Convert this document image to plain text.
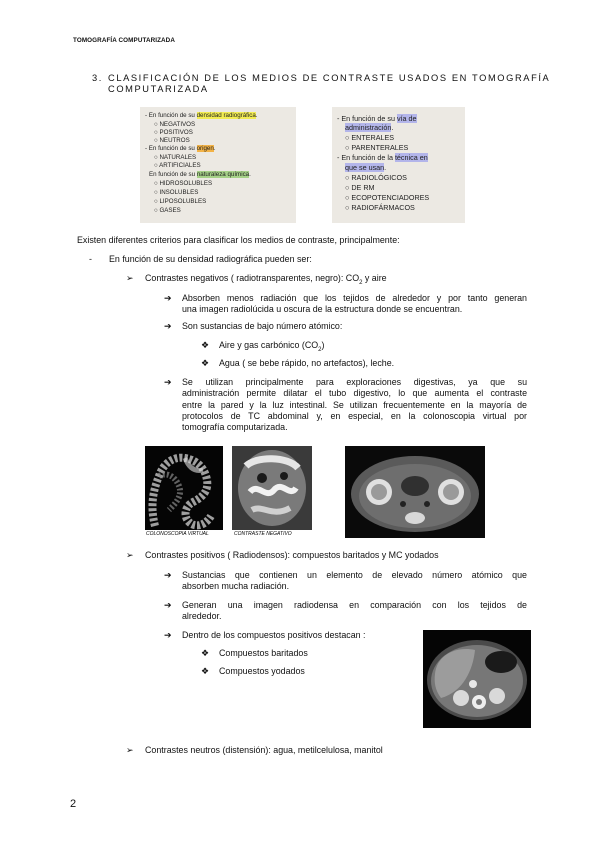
TOMOGRAFÍA COMPUTARIZADA
3. CLASIFICACIÓN DE LOS MEDIOS DE CONTRASTE USADOS EN TOMOGRAFÍA
COMPUTARIZADA
- En función de su densidad radiográfica.
○ NEGATIVOS
○ POSITIVOS
○ NEUTROS
- En función de su origen.
○ NATURALES
○ ARTIFICIALES
En función de su naturaleza química.
○ HIDROSOLUBLES
○ INSOLUBLES
○ LIPOSOLUBLES
○ GASES
- En función de su vía de
administración.
○ ENTERALES
○ PARENTERALES
- En función de la técnica en
que se usan.
○ RADIOLÓGICOS
○ DE RM
○ ECOPOTENCIADORES
○ RADIOFÁRMACOS
Existen diferentes criterios para clasificar los medios de contraste, principalmente:
- En función de su densidad radiográfica pueden ser:
➢ Contrastes negativos ( radiotransparentes, negro): $CO_2$ y aire
➔ Absorben menos radiación que los tejidos de alrededor y por tanto generan
una imagen radiolúcida u oscura de la estructura donde se encuentran.
➔ Son sustancias de bajo número atómico:
❖ Aire y gas carbónico $(CO_2)$
❖ Agua ( se bebe rápido, no artefactos), leche.
➔ Se utilizan principalmente para exploraciones digestivas, ya que su
administración permite dilatar el tubo digestivo, lo que aumenta el contraste
entre la pared y la luz intestinal. Se utilizan frecuentemente en la mayoría de
protocolos de TC abdominal y, en especial, en la colonoscopia virtual por
tomografía computarizada.
COLONOSCOPIA VIRTUAL	CONTRASTE NEGATIVO
➢ Contrastes positivos ( Radiodensos): compuestos baritados y MC yodados
➔ Sustancias que contienen un elemento de elevado número atómico que
absorben mucha radiación.
➔ Generan una imagen radiodensa en comparación con los tejidos de
alrededor.
➔ Dentro de los compuestos positivos destacan :
❖ Compuestos baritados
❖ Compuestos yodados
➢ Contrastes neutros (distensión): agua, metilcelulosa, manitol
2
